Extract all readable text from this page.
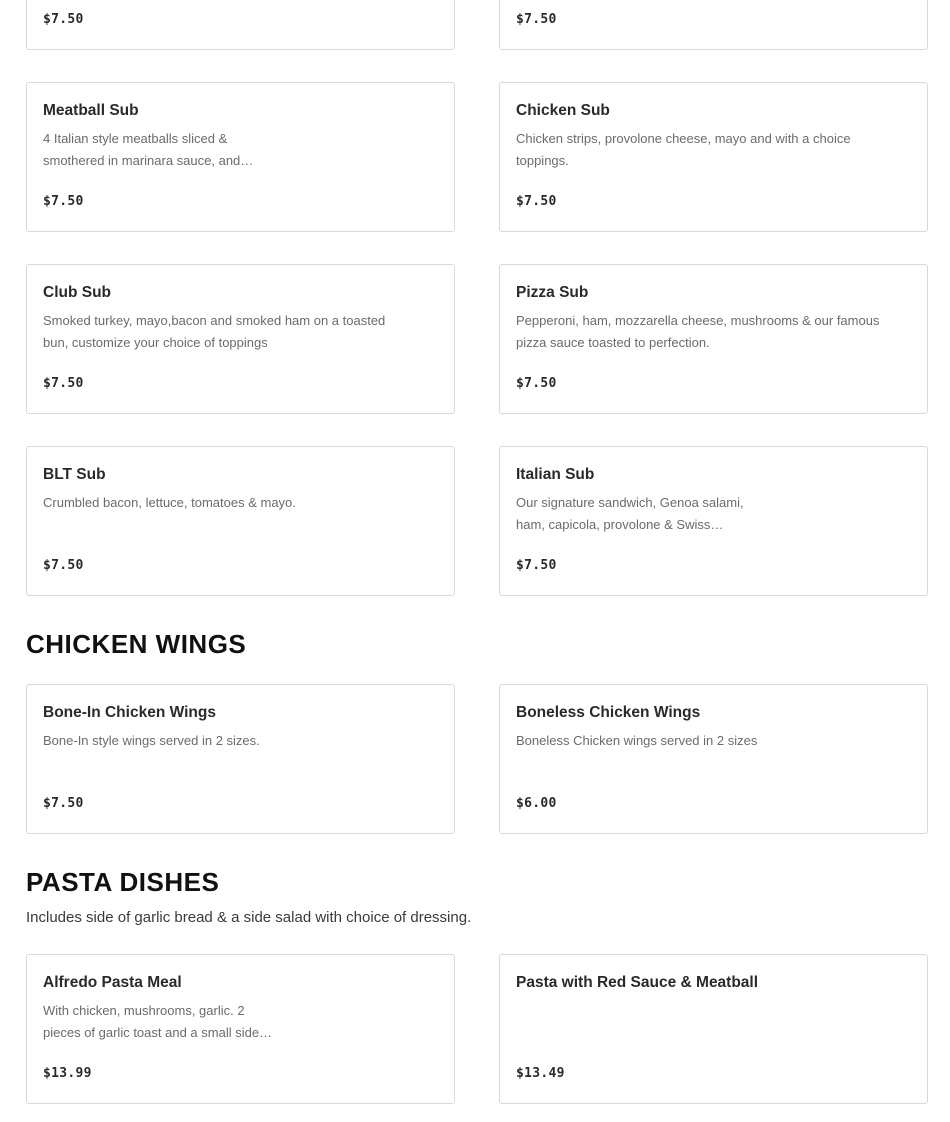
$7.50	$7.50
Meatball Sub
4 Italian style meatballs sliced &
smothered in marinara sauce, and…
$7.50
Chicken Sub
Chicken strips, provolone cheese, mayo and with a choice
toppings.
$7.50
Club Sub
Smoked turkey, mayo,bacon and smoked ham on a toasted
bun, customize your choice of toppings
$7.50
Pizza Sub
Pepperoni, ham, mozzarella cheese, mushrooms & our famous
pizza sauce toasted to perfection.
$7.50
BLT Sub
Crumbled bacon, lettuce, tomatoes & mayo.
$7.50
Italian Sub
Our signature sandwich, Genoa salami,
ham, capicola, provolone & Swiss…
$7.50
CHICKEN WINGS
Bone-In Chicken Wings
Bone-In style wings served in 2 sizes.
$7.50
Boneless Chicken Wings
Boneless Chicken wings served in 2 sizes
$6.00
PASTA DISHES
Includes side of garlic bread & a side salad with choice of dressing.
Alfredo Pasta Meal
With chicken, mushrooms, garlic. 2
pieces of garlic toast and a small side…
$13.99
Pasta with Red Sauce & Meatball
$13.49
